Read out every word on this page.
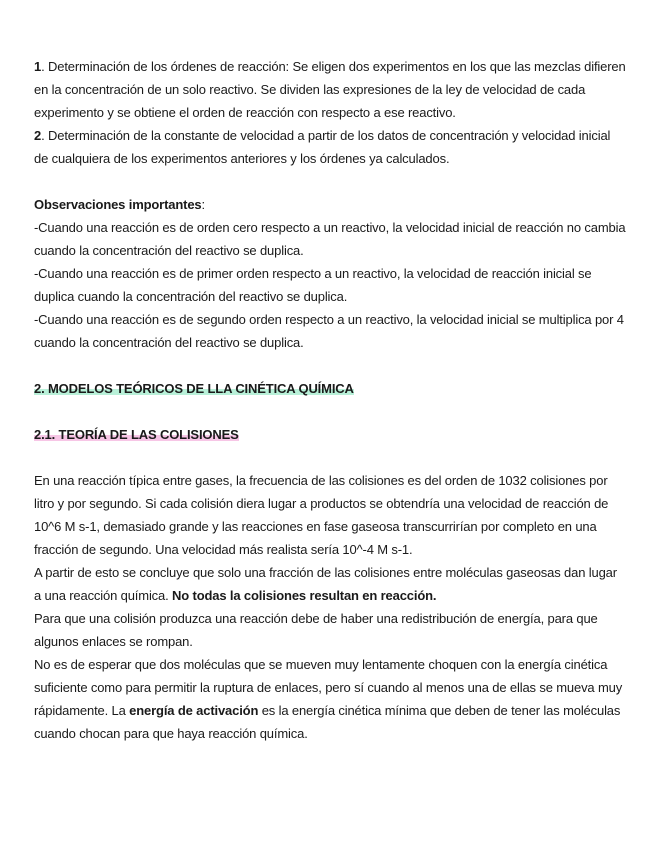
1. Determinación de los órdenes de reacción: Se eligen dos experimentos en los que las mezclas difieren en la concentración de un solo reactivo. Se dividen las expresiones de la ley de velocidad de cada experimento y se obtiene el orden de reacción con respecto a ese reactivo.

2. Determinación de la constante de velocidad a partir de los datos de concentración y velocidad inicial de cualquiera de los experimentos anteriores y los órdenes ya calculados.

Observaciones importantes:

-Cuando una reacción es de orden cero respecto a un reactivo, la velocidad inicial de reacción no cambia cuando la concentración del reactivo se duplica.

-Cuando una reacción es de primer orden respecto a un reactivo, la velocidad de reacción inicial se duplica cuando la concentración del reactivo se duplica.

-Cuando una reacción es de segundo orden respecto a un reactivo, la velocidad inicial se multiplica por 4 cuando la concentración del reactivo se duplica.

2. MODELOS TEÓRICOS DE LLA CINÉTICA QUÍMICA

2.1. TEORÍA DE LAS COLISIONES

En una reacción típica entre gases, la frecuencia de las colisiones es del orden de 1032 colisiones por litro y por segundo. Si cada colisión diera lugar a productos se obtendría una velocidad de reacción de 10^6 M s-1, demasiado grande y las reacciones en fase gaseosa transcurrirían por completo en una fracción de segundo. Una velocidad más realista sería 10^-4 M s-1.

A partir de esto se concluye que solo una fracción de las colisiones entre moléculas gaseosas dan lugar a una reacción química. No todas la colisiones resultan en reacción.

Para que una colisión produzca una reacción debe de haber una redistribución de energía, para que algunos enlaces se rompan.

No es de esperar que dos moléculas que se mueven muy lentamente choquen con la energía cinética suficiente como para permitir la ruptura de enlaces, pero sí cuando al menos una de ellas se mueva muy rápidamente. La energía de activación es la energía cinética mínima que deben de tener las moléculas cuando chocan para que haya reacción química.
